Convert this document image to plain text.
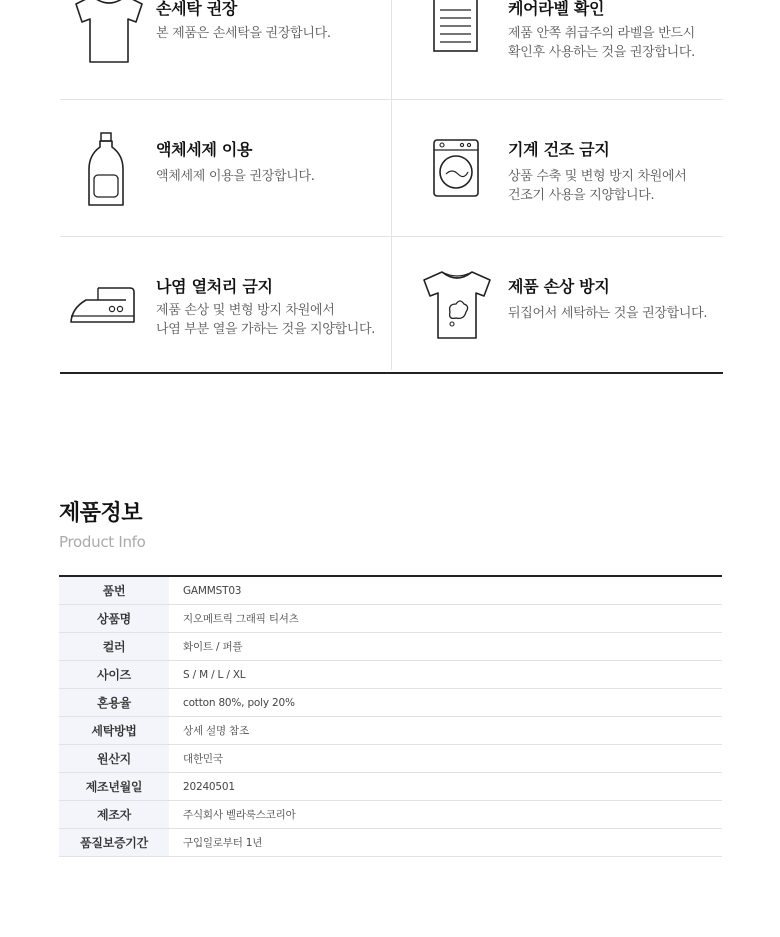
손세탁 권장
본 제품은 손세탁을 권장합니다.
케어라벨 확인
제품 안쪽 취급주의 라벨을 반드시
확인후 사용하는 것을 권장합니다.
액체세제 이용
액체세제 이용을 권장합니다.
기계 건조 금지
상품 수축 및 변형 방지 차원에서
건조기 사용을 지양합니다.
나염 열처리 금지
제품 손상 및 변형 방지 차원에서
나염 부분 열을 가하는 것을 지양합니다.
제품 손상 방지
뒤집어서 세탁하는 것을 권장합니다.
제품정보
Product Info
품번	GAMMST03
상품명	지오메트릭 그래픽 티셔츠
컬러	화이트 / 퍼플
사이즈	S / M / L / XL
혼용율	cotton 80%, poly 20%
세탁방법	상세 설명 참조
원산지	대한민국
제조년월일	20240501
제조자	주식회사 벨라룩스코리아
품질보증기간	구입일로부터 1년
